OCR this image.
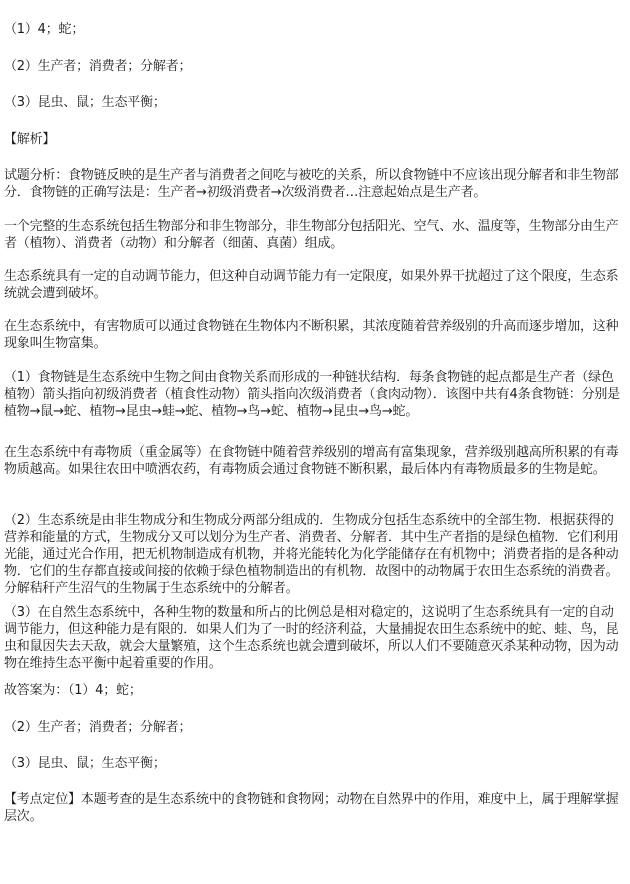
（1）4；蛇；
（2）生产者；消费者；分解者；
（3）昆虫、鼠；生态平衡；
【解析】
试题分析：食物链反映的是生产者与消费者之间吃与被吃的关系，所以食物链中不应该出现分解者和非生物部分．食物链的正确写法是：生产者→初级消费者→次级消费者…注意起始点是生产者。
一个完整的生态系统包括生物部分和非生物部分，非生物部分包括阳光、空气、水、温度等，生物部分由生产者（植物）、消费者（动物）和分解者（细菌、真菌）组成。
生态系统具有一定的自动调节能力，但这种自动调节能力有一定限度，如果外界干扰超过了这个限度，生态系统就会遭到破坏。
在生态系统中，有害物质可以通过食物链在生物体内不断积累，其浓度随着营养级别的升高而逐步增加，这种现象叫生物富集。
（1）食物链是生态系统中生物之间由食物关系而形成的一种链状结构．每条食物链的起点都是生产者（绿色植物）箭头指向初级消费者（植食性动物）箭头指向次级消费者（食肉动物）．该图中共有4条食物链：分别是植物→鼠→蛇、植物→昆虫→蛙→蛇、植物→鸟→蛇、植物→昆虫→鸟→蛇。
在生态系统中有毒物质（重金属等）在食物链中随着营养级别的增高有富集现象，营养级别越高所积累的有毒物质越高。如果往农田中喷洒农药，有毒物质会通过食物链不断积累，最后体内有毒物质最多的生物是蛇。
（2）生态系统是由非生物成分和生物成分两部分组成的．生物成分包括生态系统中的全部生物．根据获得的营养和能量的方式，生物成分又可以划分为生产者、消费者、分解者．其中生产者指的是绿色植物．它们利用光能，通过光合作用，把无机物制造成有机物，并将光能转化为化学能储存在有机物中；消费者指的是各种动物．它们的生存都直接或间接的依赖于绿色植物制造出的有机物．故图中的动物属于农田生态系统的消费者。分解秸秆产生沼气的生物属于生态系统中的分解者。
（3）在自然生态系统中，各种生物的数量和所占的比例总是相对稳定的，这说明了生态系统具有一定的自动调节能力，但这种能力是有限的．如果人们为了一时的经济利益，大量捕捉农田生态系统中的蛇、蛙、鸟，昆虫和鼠因失去天敌，就会大量繁殖，这个生态系统也就会遭到破坏，所以人们不要随意灭杀某种动物，因为动物在维持生态平衡中起着重要的作用。
故答案为：（1）4；蛇；
（2）生产者；消费者；分解者；
（3）昆虫、鼠；生态平衡；
【考点定位】本题考查的是生态系统中的食物链和食物网；动物在自然界中的作用，难度中上，属于理解掌握层次。
